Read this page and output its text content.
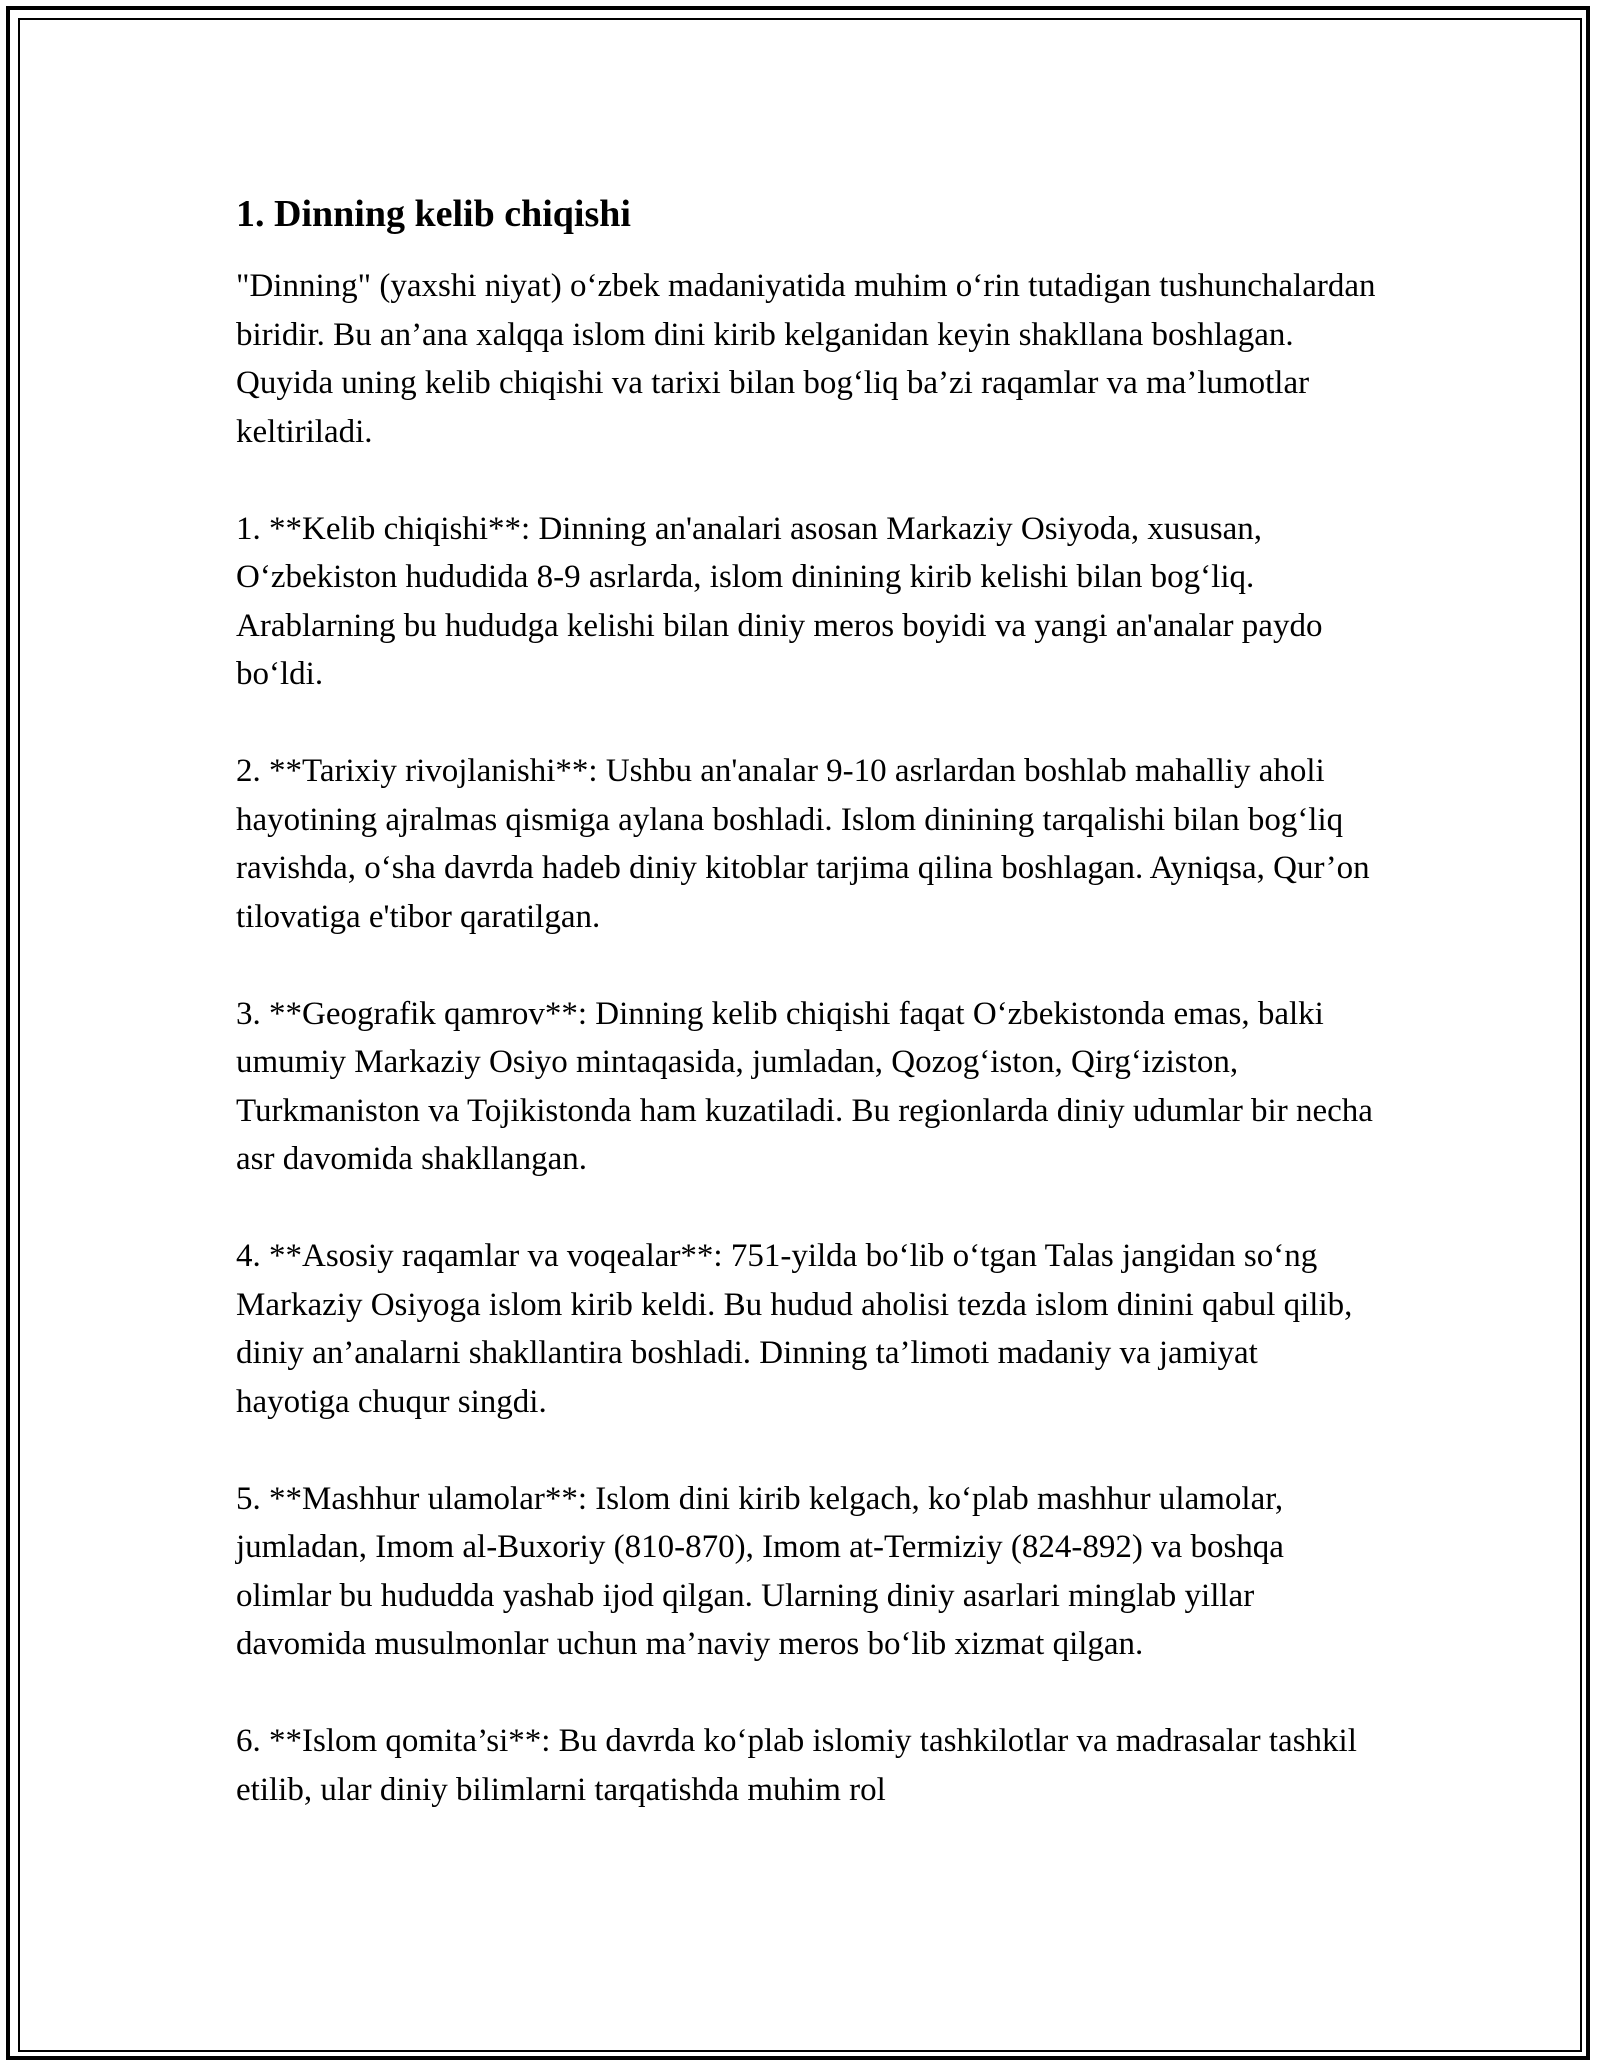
1. Dinning kelib chiqishi

"Dinning" (yaxshi niyat) o‘zbek madaniyatida muhim o‘rin tutadigan tushunchalardan biridir. Bu an’ana xalqqa islom dini kirib kelganidan keyin shakllana boshlagan. Quyida uning kelib chiqishi va tarixi bilan bog‘liq ba’zi raqamlar va ma’lumotlar keltiriladi.

1. **Kelib chiqishi**: Dinning an'analari asosan Markaziy Osiyoda, xususan, O‘zbekiston hududida 8-9 asrlarda, islom dinining kirib kelishi bilan bog‘liq. Arablarning bu hududga kelishi bilan diniy meros boyidi va yangi an'analar paydo bo‘ldi.

2. **Tarixiy rivojlanishi**: Ushbu an'analar 9-10 asrlardan boshlab mahalliy aholi hayotining ajralmas qismiga aylana boshladi. Islom dinining tarqalishi bilan bog‘liq ravishda, o‘sha davrda hadeb diniy kitoblar tarjima qilina boshlagan. Ayniqsa, Qur’on tilovatiga e'tibor qaratilgan.

3. **Geografik qamrov**: Dinning kelib chiqishi faqat O‘zbekistonda emas, balki umumiy Markaziy Osiyo mintaqasida, jumladan, Qozog‘iston, Qirg‘iziston, Turkmaniston va Tojikistonda ham kuzatiladi. Bu regionlarda diniy udumlar bir necha asr davomida shakllangan.

4. **Asosiy raqamlar va voqealar**: 751-yilda bo‘lib o‘tgan Talas jangidan so‘ng Markaziy Osiyoga islom kirib keldi. Bu hudud aholisi tezda islom dinini qabul qilib, diniy an’analarni shakllantira boshladi. Dinning ta’limoti madaniy va jamiyat hayotiga chuqur singdi.

5. **Mashhur ulamolar**: Islom dini kirib kelgach, ko‘plab mashhur ulamolar, jumladan, Imom al-Buxoriy (810-870), Imom at-Termiziy (824-892) va boshqa olimlar bu hududda yashab ijod qilgan. Ularning diniy asarlari minglab yillar davomida musulmonlar uchun ma’naviy meros bo‘lib xizmat qilgan.

6. **Islom qomita’si**: Bu davrda ko‘plab islomiy tashkilotlar va madrasalar tashkil etilib, ular diniy bilimlarni tarqatishda muhim rol
